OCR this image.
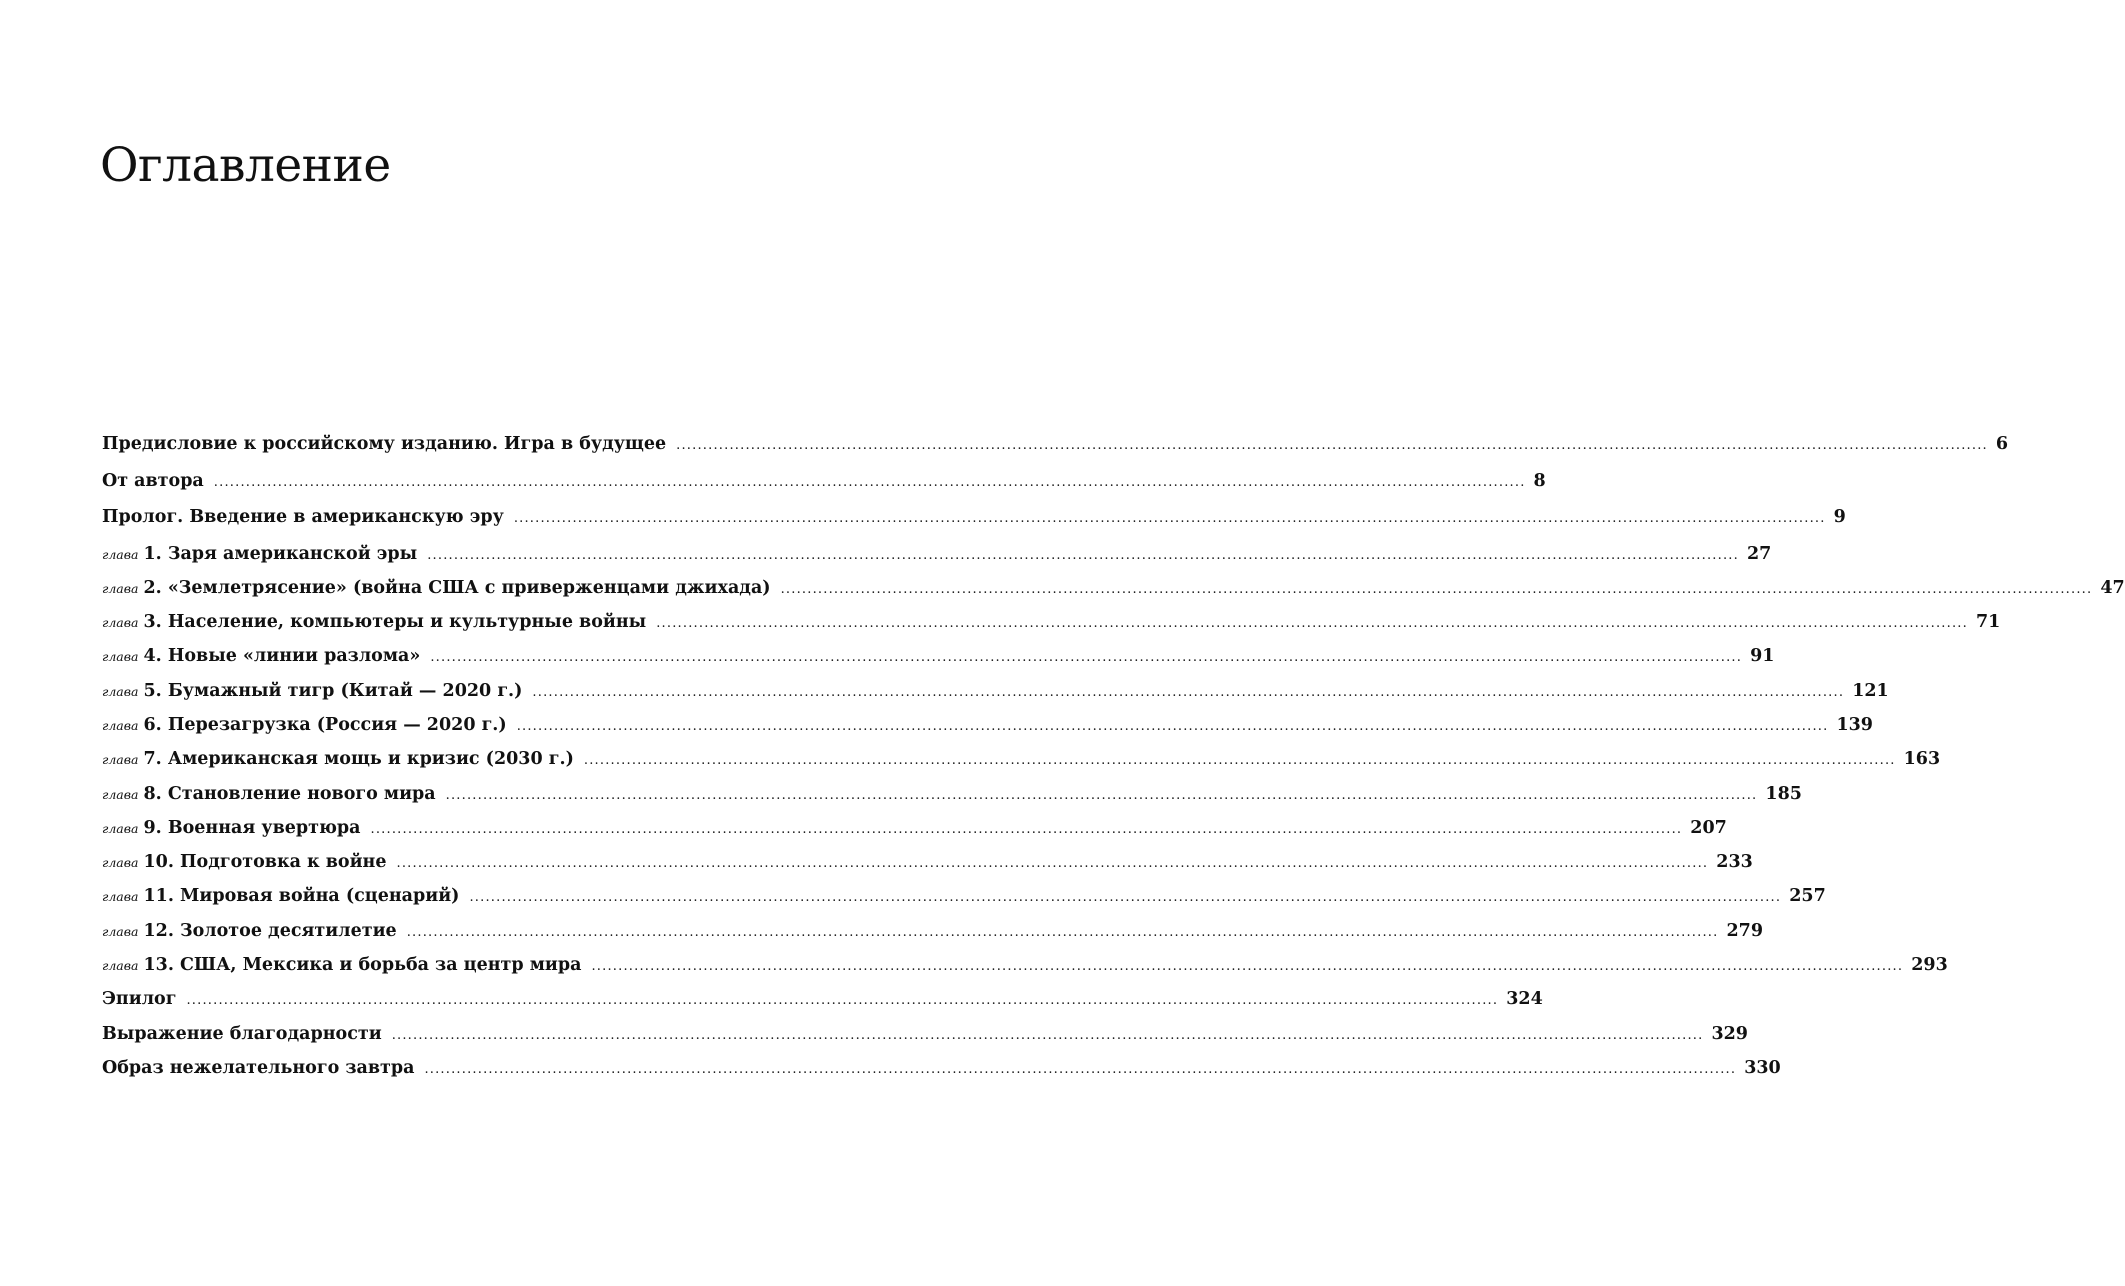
Оглавление
Предисловие к российскому изданию. Игра в будущее .....	6
От автора .....	8
Пролог. Введение в американскую эру .....	9
глава 1. Заря американской эры .....	27
глава 2. «Землетрясение» (война США с приверженцами джихада) .....	47
глава 3. Население, компьютеры и культурные войны .....	71
глава 4. Новые «линии разлома» .....	91
глава 5. Бумажный тигр (Китай — 2020 г.) .....	121
глава 6. Перезагрузка (Россия — 2020 г.) .....	139
глава 7. Американская мощь и кризис (2030 г.) .....	163
глава 8. Становление нового мира .....	185
глава 9. Военная увертюра .....	207
глава 10. Подготовка к войне .....	233
глава 11. Мировая война (сценарий) .....	257
глава 12. Золотое десятилетие .....	279
глава 13. США, Мексика и борьба за центр мира .....	293
Эпилог .....	324
Выражение благодарности .....	329
Образ нежелательного завтра .....	330
